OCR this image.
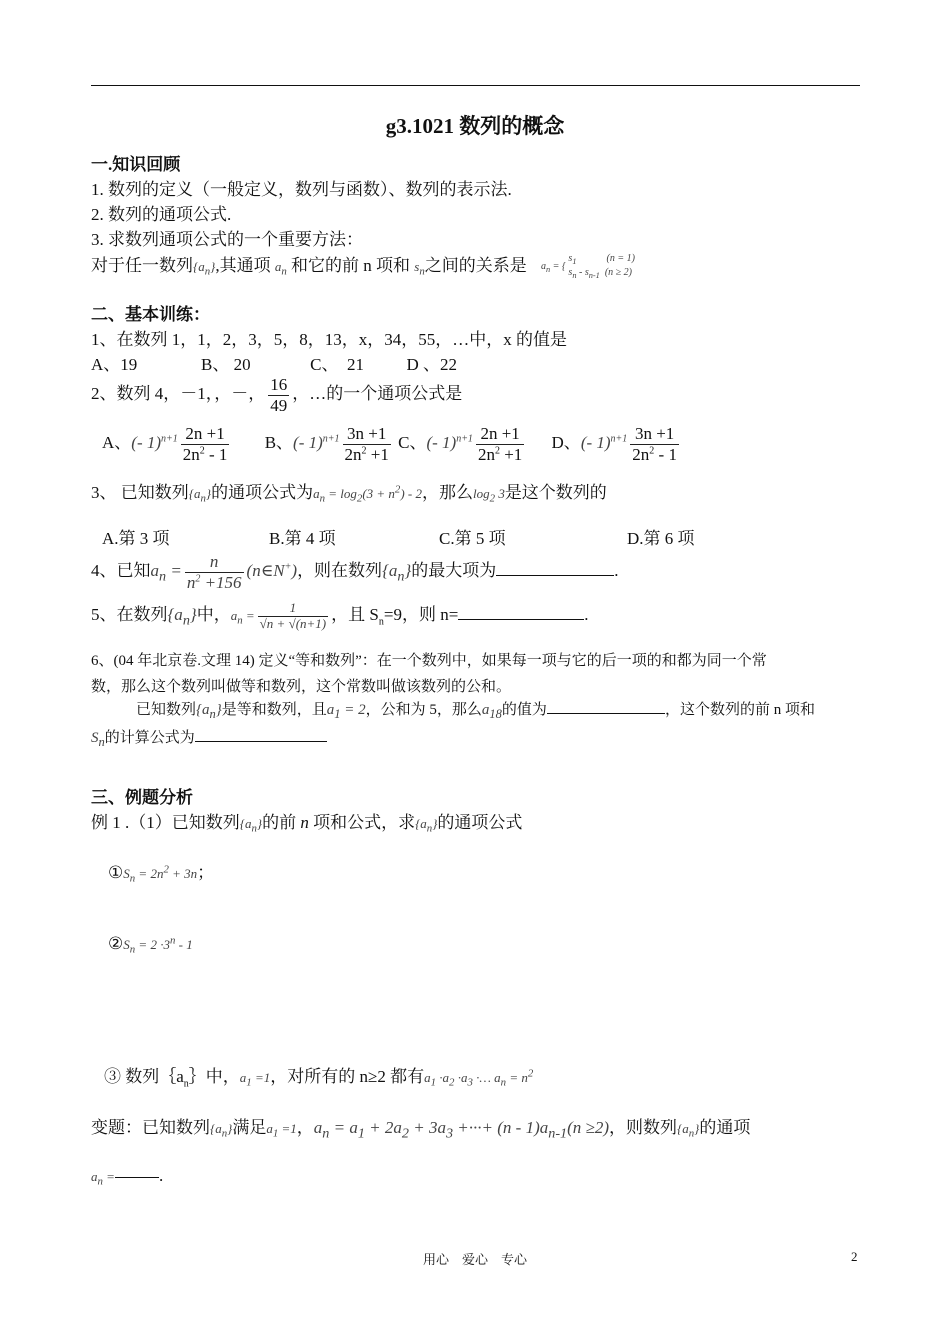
g3.1021 数列的概念
一.知识回顾
1. 数列的定义（一般定义，数列与函数）、数列的表示法.
2. 数列的通项公式.
3. 求数列通项公式的一个重要方法：
对于任一数列$\{a_n\}$,其通项 $a_n$ 和它的前 n 项和 $s_n$之间的关系是 $a_n$ = {
$s_1$	(n = 1)
$s_n - s_{n-1}$ (n ≥ 2)
二、基本训练：
1、在数列 1，1，2，3，5，8，13，x，34，55，…中，x 的值是
A、19               B、 20              C、  21          D 、22
2、数列 4，－1，，－， $\frac{16}{49}$ ，…的一个通项公式是
A、(- $1)^{n+1} \frac{2n +1}{2n^2 - 1}$ B、(- $1)^{n+1} \frac{3n +1}{2n^2 +1}$ C、(- $1)^{n+1} \frac{2n +1}{2n^2 +1}$ D、(- $1)^{n+1} \frac{3n +1}{2n^2 - 1}$
3、 已知数列$\{a_n\}$的通项公式为$a_n = \log_2(3 + n^2) - 2$，那么$\log_2 3$是这个数列的
A.第 3 项	B.第 4 项	C.第 5 项	D.第 6 项
4、已知$a_n = \frac{n}{n^2 +156}$ (n∈N+)，则在数列$\{a_n\}$的最大项为	.
5、在数列$\{a_n\}$中，$a_n = \frac{1}{√n + √(n+1)}$ ，且 $S_n=9$，则 n=	.
6、(04 年北京卷.文理 14) 定义“等和数列”：在一个数列中，如果每一项与它的后一项的和都为同一个常
数，那么这个数列叫做等和数列，这个常数叫做该数列的公和。
已知数列$\{a_n\}$是等和数列，且$a_1 = 2$，公和为 5，那么$a_{18}$的值为	，这个数列的前 n 项和
$S_n$的计算公式为
三、例题分析
例 1 .（1）已知数列$\{a_n\}$的前 n 项和公式，求$\{a_n\}$的通项公式
$①S_n = 2n^2 + 3n$；
$②S_n = 2 \cdot 3^n - 1$
③ 数列$\{a_n\}$中，$a_1 =1$，对所有的 n≥2 都有$a_1 \cdot a_2 \cdot a_3$ ·… $a_n = n^2$
变题：已知数列$\{a_n\}$满足$a_1 =1$，$a_n = a_1 + 2a_2 + 3a_3$ +···+ $(n - 1)a_{n-1}(n \ge 2)$，则数列$\{a_n\}$的通项
$a_n$ =	.
用心    爱心    专心	2
